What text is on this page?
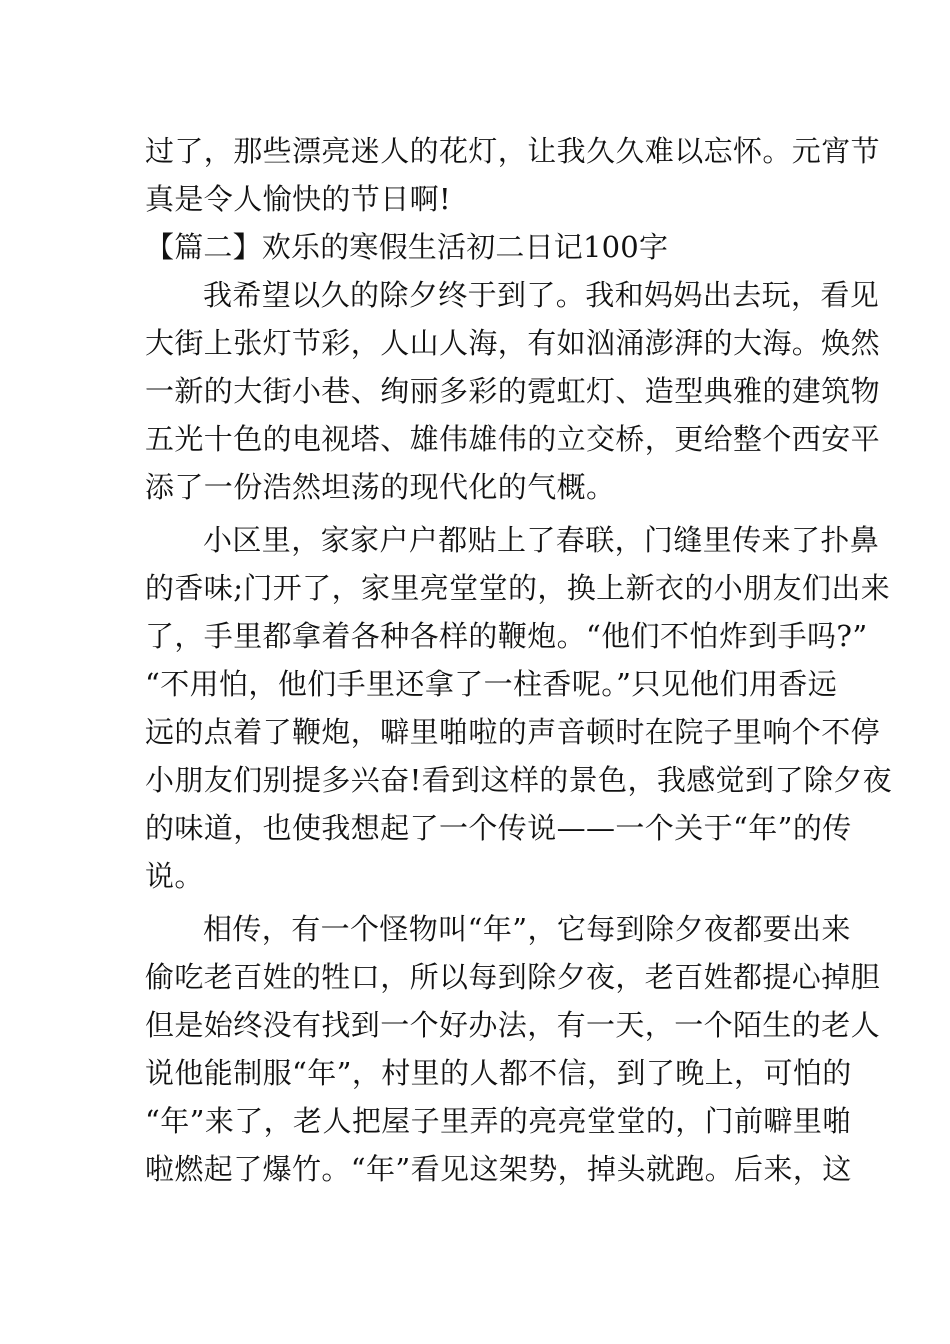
过了，那些漂亮迷人的花灯，让我久久难以忘怀。元宵节
真是令人愉快的节日啊!
【篇二】欢乐的寒假生活初二日记100字
我希望以久的除夕终于到了。我和妈妈出去玩，看见
大街上张灯节彩，人山人海，有如汹涌澎湃的大海。焕然
一新的大街小巷、绚丽多彩的霓虹灯、造型典雅的建筑物
五光十色的电视塔、雄伟雄伟的立交桥，更给整个西安平
添了一份浩然坦荡的现代化的气概。
小区里，家家户户都贴上了春联，门缝里传来了扑鼻
的香味;门开了，家里亮堂堂的，换上新衣的小朋友们出来
了，手里都拿着各种各样的鞭炮。“他们不怕炸到手吗?”
“不用怕，他们手里还拿了一柱香呢。”只见他们用香远
远的点着了鞭炮，噼里啪啦的声音顿时在院子里响个不停
小朋友们别提多兴奋!看到这样的景色，我感觉到了除夕夜
的味道，也使我想起了一个传说——一个关于“年”的传
说。
相传，有一个怪物叫“年”，它每到除夕夜都要出来
偷吃老百姓的牲口，所以每到除夕夜，老百姓都提心掉胆
但是始终没有找到一个好办法，有一天，一个陌生的老人
说他能制服“年”，村里的人都不信，到了晚上，可怕的
“年”来了，老人把屋子里弄的亮亮堂堂的，门前噼里啪
啦燃起了爆竹。“年”看见这架势，掉头就跑。后来，这
